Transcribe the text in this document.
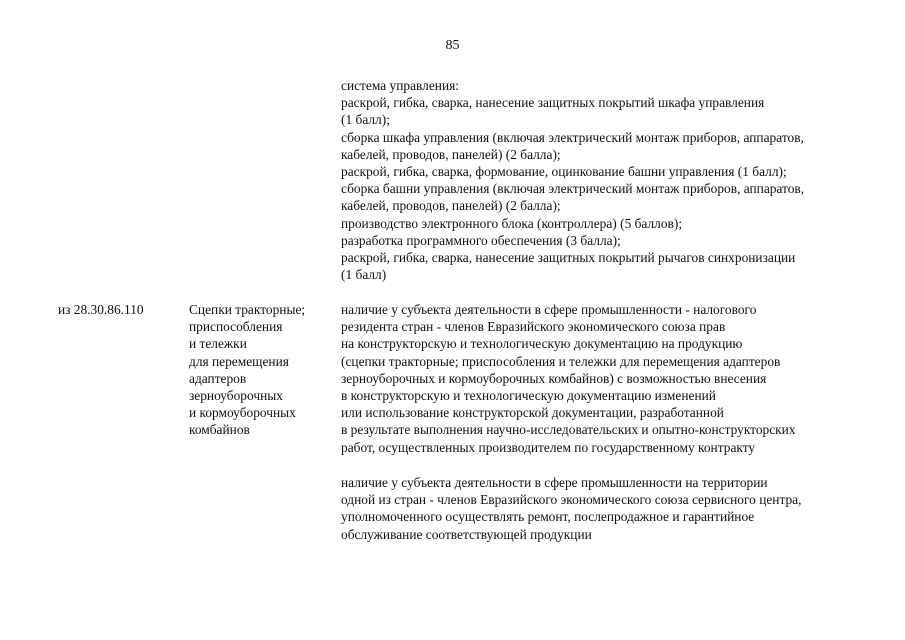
85
система управления:
раскрой, гибка, сварка, нанесение защитных покрытий шкафа управления
(1 балл);
сборка шкафа управления (включая электрический монтаж приборов, аппаратов,
кабелей, проводов, панелей) (2 балла);
раскрой, гибка, сварка, формование, оцинкование башни управления (1 балл);
сборка башни управления (включая электрический монтаж приборов, аппаратов,
кабелей, проводов, панелей) (2 балла);
производство электронного блока (контроллера) (5 баллов);
разработка программного обеспечения (3 балла);
раскрой, гибка, сварка, нанесение защитных покрытий рычагов синхронизации
(1 балл)
из 28.30.86.110	Сцепки тракторные;
приспособления
и тележки
для перемещения
адаптеров
зерноуборочных
и кормоуборочных
комбайнов
наличие у субъекта деятельности в сфере промышленности - налогового
резидента стран - членов Евразийского экономического союза прав
на конструкторскую и технологическую документацию на продукцию
(сцепки тракторные; приспособления и тележки для перемещения адаптеров
зерноуборочных и кормоуборочных комбайнов) с возможностью внесения
в конструкторскую и технологическую документацию изменений
или использование конструкторской документации, разработанной
в результате выполнения научно-исследовательских и опытно-конструкторских
работ, осуществленных производителем по государственному контракту
наличие у субъекта деятельности в сфере промышленности на территории
одной из стран - членов Евразийского экономического союза сервисного центра,
уполномоченного осуществлять ремонт, послепродажное и гарантийное
обслуживание соответствующей продукции
